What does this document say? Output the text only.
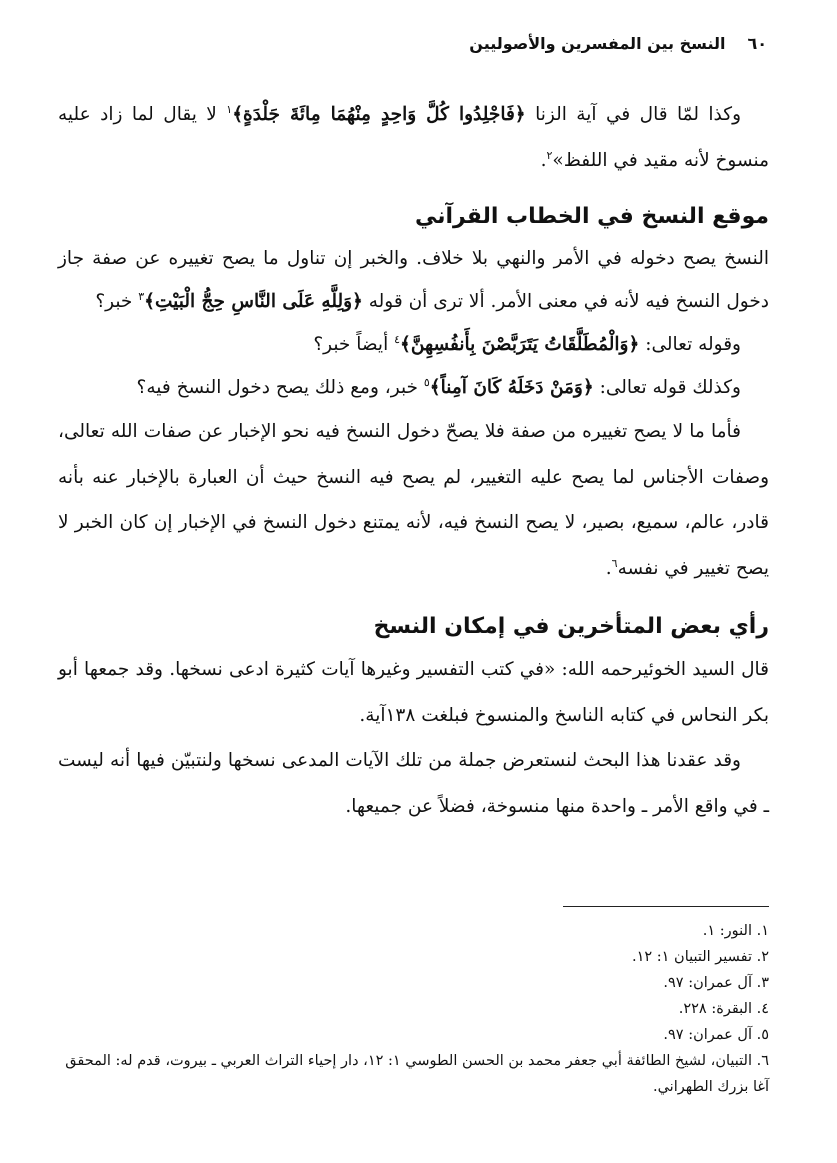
٦٠
النسخ بين المفسرين والأصوليين

وكذا لمّا قال في آية الزنا ﴿فَاجْلِدُوا كُلَّ وَاحِدٍ مِنْهُمَا مِائَةَ جَلْدَةٍ﴾$^١$ لا يقال لما زاد عليه منسوخ لأنه مقيد في اللفظ»$^٢$.

موقع النسخ في الخطاب القرآني

النسخ يصح دخوله في الأمر والنهي بلا خلاف. والخبر إن تناول ما يصح تغييره عن صفة جاز دخول النسخ فيه لأنه في معنى الأمر. ألا ترى أن قوله ﴿وَلِلَّهِ عَلَى النَّاسِ حِجُّ الْبَيْتِ﴾$^٣$ خبر؟

وقوله تعالى: ﴿وَالْمُطَلَّقَاتُ يَتَرَبَّصْنَ بِأَنفُسِهِنَّ﴾$^٤$ أيضاً خبر؟

وكذلك قوله تعالى: ﴿وَمَنْ دَخَلَهُ كَانَ آمِناً﴾$^٥$ خبر، ومع ذلك يصح دخول النسخ فيه؟

فأما ما لا يصح تغييره من صفة فلا يصحّ دخول النسخ فيه نحو الإخبار عن صفات الله تعالى، وصفات الأجناس لما يصح عليه التغيير، لم يصح فيه النسخ حيث أن العبارة بالإخبار عنه بأنه قادر، عالم، سميع، بصير، لا يصح النسخ فيه، لأنه يمتنع دخول النسخ في الإخبار إن كان الخبر لا يصح تغيير في نفسه$^٦$.

رأي بعض المتأخرين في إمكان النسخ

قال السيد الخوئي‏رحمه الله: «في كتب التفسير وغيرها آيات كثيرة ادعى نسخها. وقد جمعها أبو بكر النحاس في كتابه الناسخ والمنسوخ فبلغت ١٣٨آية.

وقد عقدنا هذا البحث لنستعرض جملة من تلك الآيات المدعى نسخها ولنتبيّن فيها أنه ليست ـ في واقع الأمر ـ واحدة منها منسوخة، فضلاً عن جميعها.

١. النور: ١.
٢. تفسير التبيان ١: ١٢.
٣. آل عمران: ٩٧.
٤. البقرة: ٢٢٨.
٥. آل عمران: ٩٧.
٦. التبيان، لشيخ الطائفة أبي جعفر محمد بن الحسن الطوسي ١: ١٢، دار إحياء التراث العربي ـ بيروت، قدم له: المحقق آغا بزرك الطهراني.
